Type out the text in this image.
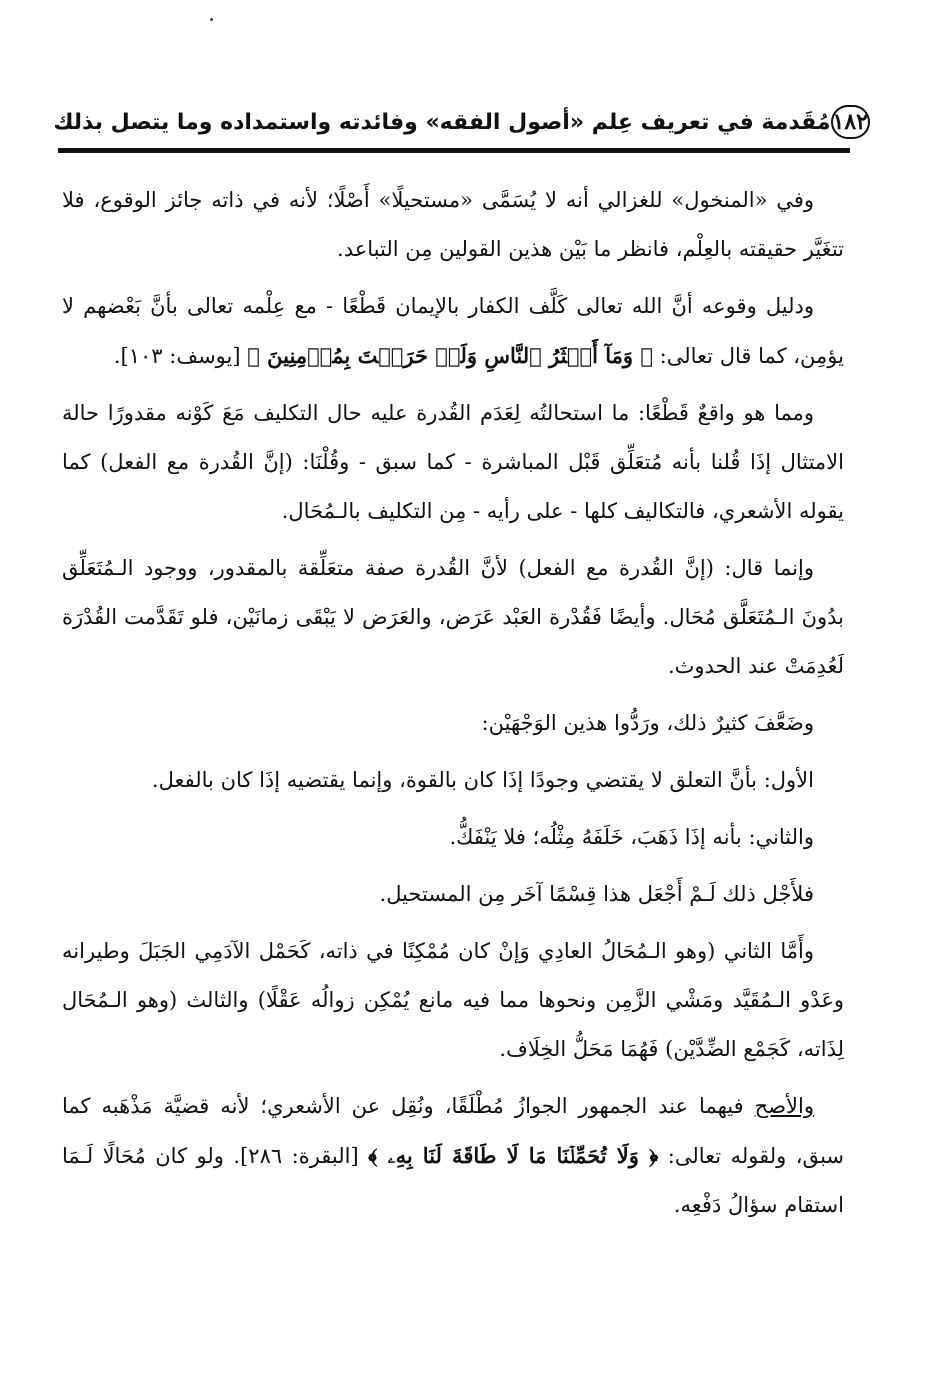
١٨٢
مُقَدمة في تعريف عِلم «أصول الفقه» وفائدته واستمداده وما يتصل بذلك

وفي «المنخول» للغزالي أنه لا يُسَمَّى «مستحيلًا» أَصْلًا؛ لأنه في ذاته جائز الوقوع، فلا تتغَيَّر حقيقته بالعِلْم، فانظر ما بَيْن هذين القولين مِن التباعد.

ودليل وقوعه أنَّ الله تعالى كَلَّف الكفار بالإيمان قَطْعًا - مع عِلْمه تعالى بأنَّ بَعْضهم لا يؤمِن، كما قال تعالى: ﴿ وَمَآ أَكۡثَرُ ٱلنَّاسِ وَلَوۡ حَرَصۡتَ بِمُؤۡمِنِينَ ﴾ [يوسف: ١٠٣].

ومما هو واقعٌ قَطْعًا: ما استحالتُه لِعَدَم القُدرة عليه حال التكليف مَعَ كَوْنه مقدورًا حالة الامتثال إذَا قُلنا بأنه مُتعَلِّق قَبْل المباشرة - كما سبق - وقُلْنَا: (إنَّ القُدرة مع الفعل) كما يقوله الأشعري، فالتكاليف كلها - على رأيه - مِن التكليف بالـمُحَال.

وإنما قال: (إنَّ القُدرة مع الفعل) لأنَّ القُدرة صفة متعَلِّقة بالمقدور، ووجود الـمُتَعَلِّق بدُونَ الـمُتَعَلَّق مُحَال. وأيضًا فَقُدْرة العَبْد عَرَض، والعَرَض لا يَبْقَى زمانَيْن، فلو تَقَدَّمت القُدْرَة لَعُدِمَتْ عند الحدوث.

وضَعَّفَ كثيرٌ ذلك، ورَدُّوا هذين الوَجْهَيْن:

الأول: بأنَّ التعلق لا يقتضي وجودًا إذَا كان بالقوة، وإنما يقتضيه إذَا كان بالفعل.

والثاني: بأنه إذَا ذَهَبَ، خَلَفَهُ مِثْلُه؛ فلا يَنْفَكُّ.

فلأَجْل ذلك لَـمْ أَجْعَل هذا قِسْمًا آخَر مِن المستحيل.

وأَمَّا الثاني (وهو الـمُحَالُ العادِي وَإنْ كان مُمْكِنًا في ذاته، كَحَمْل الآدَمِي الجَبَلَ وطيرانه وعَدْو الـمُقَيَّد ومَشْي الزَّمِن ونحوها مما فيه مانع يُمْكِن زوالُه عَقْلًا) والثالث (وهو الـمُحَال لِذَاته، كَجَمْع الضِّدَّيْن) فَهُمَا مَحَلُّ الخِلَاف.

والأصح فيهما عند الجمهور الجوازُ مُطْلَقًا، ونُقِل عن الأشعري؛ لأنه قضيَّة مَذْهَبه كما سبق، ولقوله تعالى: ﴿ وَلَا تُحَمِّلۡنَا مَا لَا طَاقَةَ لَنَا بِهِۦ ﴾ [البقرة: ٢٨٦]. ولو كان مُحَالًا لَـمَا استقام سؤالُ دَفْعِه.
